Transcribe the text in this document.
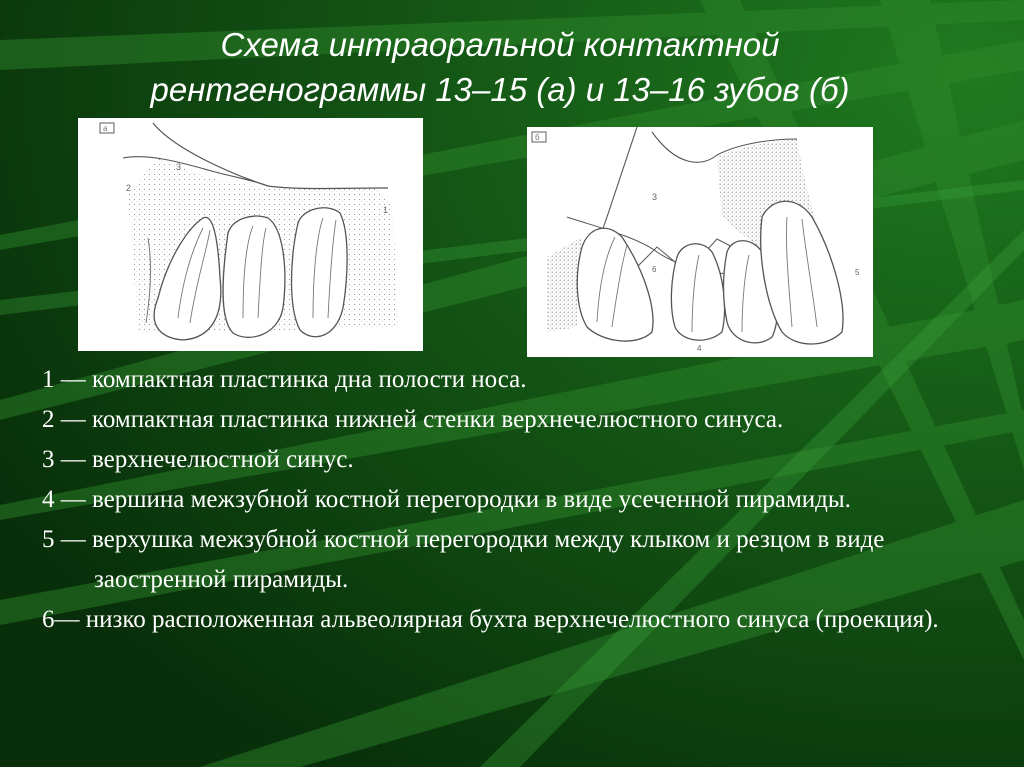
Схема интраоральной контактной
рентгенограммы 13–15 (а) и 13–16 зубов (б)
а
1
2
3
б
3
4
5
6
1 — компактная пластинка дна полости носа.
2 — компактная пластинка нижней стенки верхнечелюстного синуса.
3 — верхнечелюстной синус.
4 — вершина межзубной костной перегородки в виде усеченной пирамиды.
5 — верхушка межзубной костной перегородки между клыком и резцом в виде заостренной пирамиды.
6— низко расположенная альвеолярная бухта верхнечелюстного синуса (проекция).
